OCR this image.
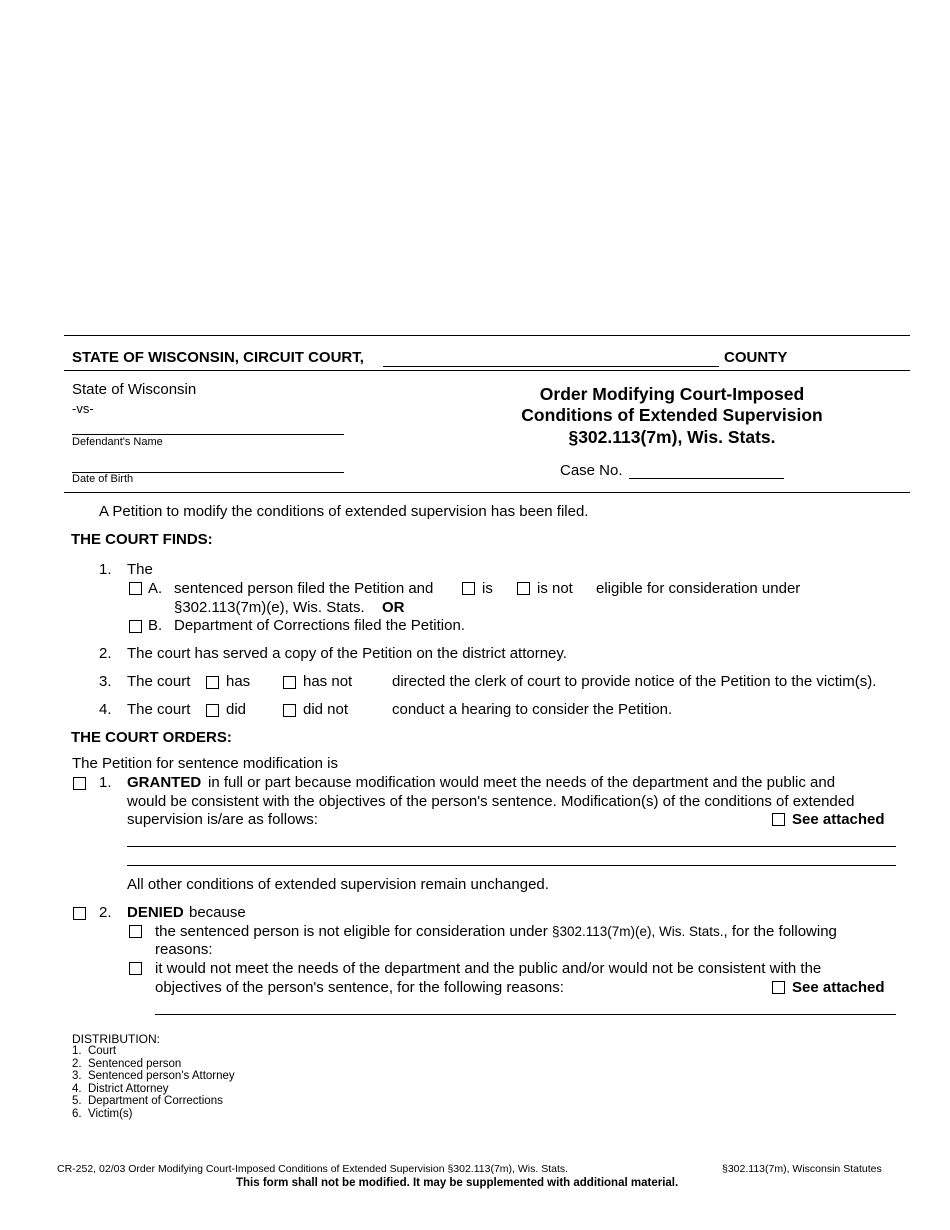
STATE OF WISCONSIN, CIRCUIT COURT,	COUNTY
State of Wisconsin
-vs-
Defendant's Name
Date of Birth
Order Modifying Court-Imposed
Conditions of Extended Supervision
§302.113(7m), Wis. Stats.
Case No.
A Petition to modify the conditions of extended supervision has been filed.
THE COURT FINDS:
1. The
A. sentenced person filed the Petition and	is	is not eligible for consideration under
§302.113(7m)(e), Wis. Stats. OR
B. Department of Corrections filed the Petition.
2. The court has served a copy of the Petition on the district attorney.
3. The court has	has not	directed the clerk of court to provide notice of the Petition to the victim(s).
4. The court did	did not	conduct a hearing to consider the Petition.
THE COURT ORDERS:
The Petition for sentence modification is
1. GRANTED in full or part because modification would meet the needs of the department and the public and
would be consistent with the objectives of the person's sentence. Modification(s) of the conditions of extended
supervision is/are as follows:	See attached
All other conditions of extended supervision remain unchanged.
2. DENIED because
the sentenced person is not eligible for consideration under §302.113(7m)(e), Wis. Stats., for the following
reasons:
it would not meet the needs of the department and the public and/or would not be consistent with the
objectives of the person's sentence, for the following reasons:	See attached
DISTRIBUTION:
1.  Court
2.  Sentenced person
3.  Sentenced person's Attorney
4.  District Attorney
5.  Department of Corrections
6.  Victim(s)
CR-252, 02/03 Order Modifying Court-Imposed Conditions of Extended Supervision §302.113(7m), Wis. Stats.	§302.113(7m), Wisconsin Statutes
This form shall not be modified. It may be supplemented with additional material.
